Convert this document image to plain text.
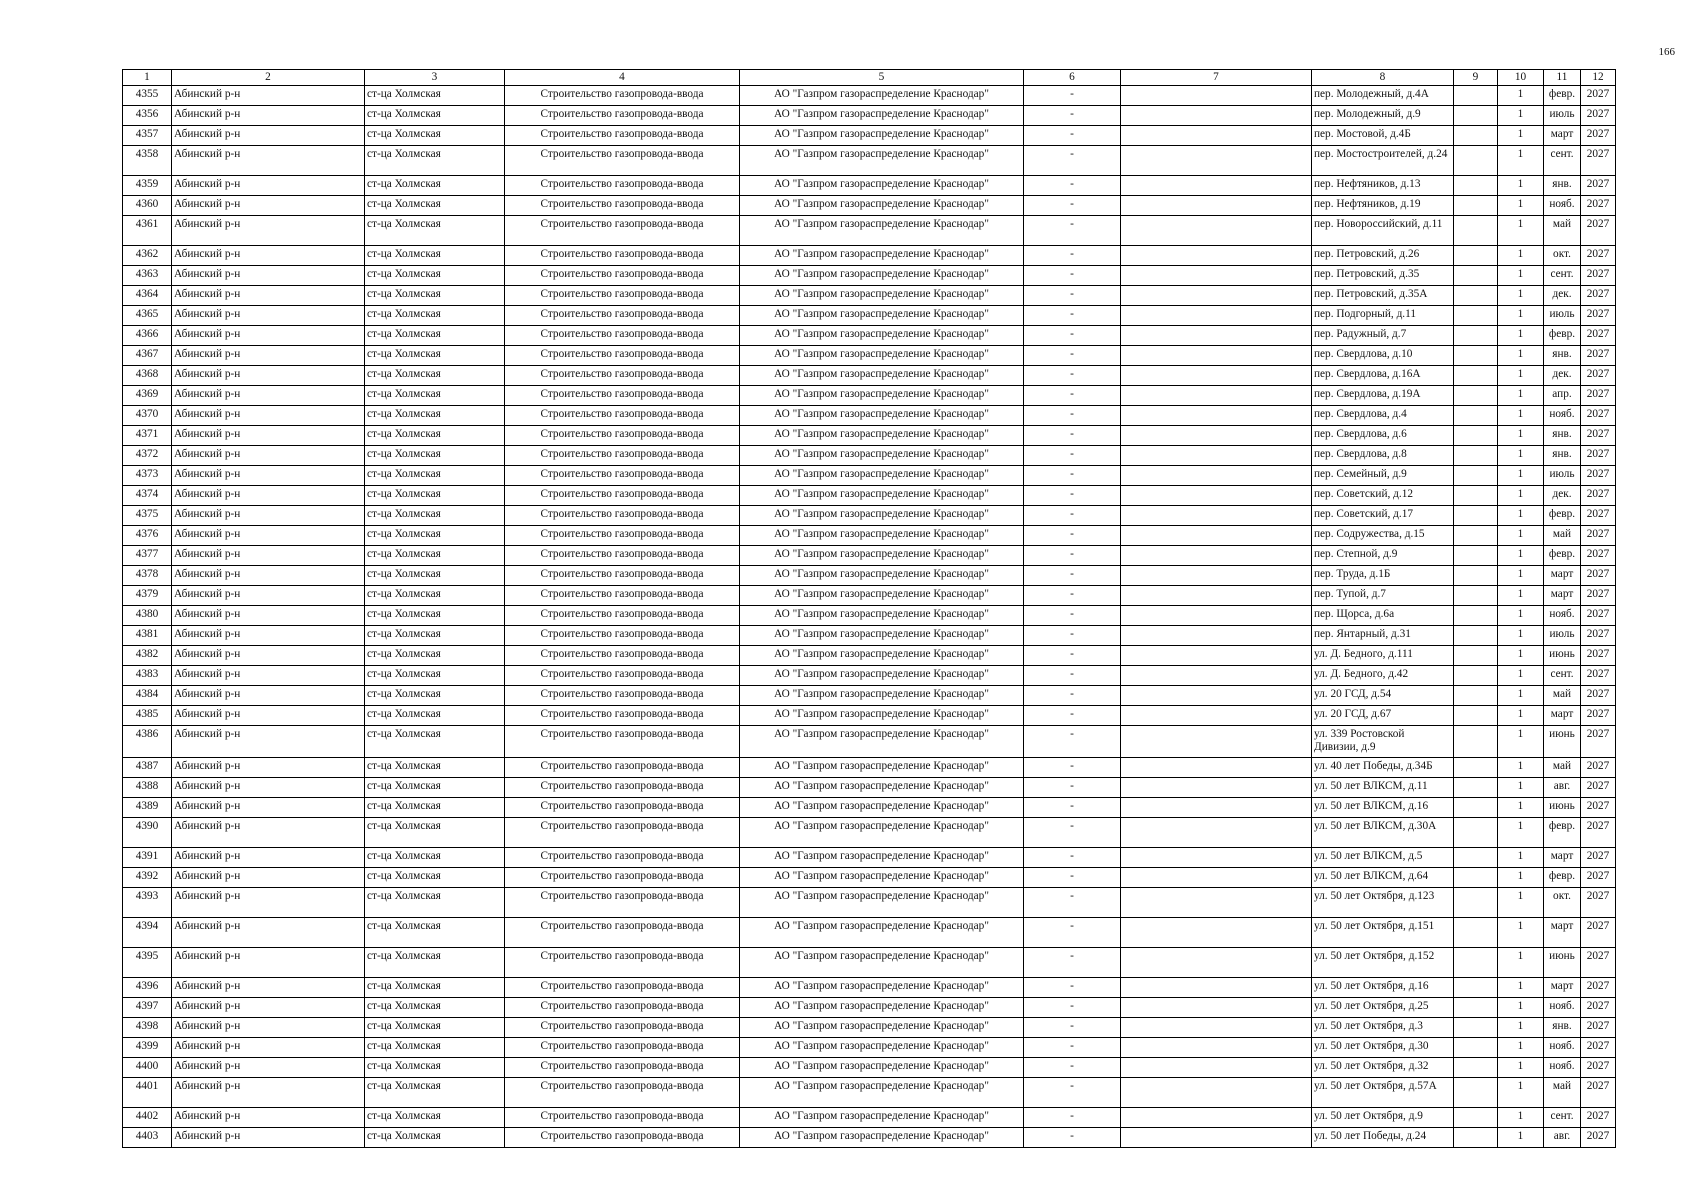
166
1	2	3	4	5	6	7	8	9	10	11	12
4355	Абинский р-н	ст-ца Холмская	Строительство газопровода-ввода	АО "Газпром газораспределение Краснодар"	-		пер. Молодежный, д.4А		1	февр.	2027
4356	Абинский р-н	ст-ца Холмская	Строительство газопровода-ввода	АО "Газпром газораспределение Краснодар"	-		пер. Молодежный, д.9		1	июль	2027
4357	Абинский р-н	ст-ца Холмская	Строительство газопровода-ввода	АО "Газпром газораспределение Краснодар"	-		пер. Мостовой, д.4Б		1	март	2027
4358	Абинский р-н	ст-ца Холмская	Строительство газопровода-ввода	АО "Газпром газораспределение Краснодар"	-		пер. Мостостроителей, д.24		1	сент.	2027
4359	Абинский р-н	ст-ца Холмская	Строительство газопровода-ввода	АО "Газпром газораспределение Краснодар"	-		пер. Нефтяников, д.13		1	янв.	2027
4360	Абинский р-н	ст-ца Холмская	Строительство газопровода-ввода	АО "Газпром газораспределение Краснодар"	-		пер. Нефтяников, д.19		1	нояб.	2027
4361	Абинский р-н	ст-ца Холмская	Строительство газопровода-ввода	АО "Газпром газораспределение Краснодар"	-		пер. Новороссийский, д.11		1	май	2027
4362	Абинский р-н	ст-ца Холмская	Строительство газопровода-ввода	АО "Газпром газораспределение Краснодар"	-		пер. Петровский, д.26		1	окт.	2027
4363	Абинский р-н	ст-ца Холмская	Строительство газопровода-ввода	АО "Газпром газораспределение Краснодар"	-		пер. Петровский, д.35		1	сент.	2027
4364	Абинский р-н	ст-ца Холмская	Строительство газопровода-ввода	АО "Газпром газораспределение Краснодар"	-		пер. Петровский, д.35А		1	дек.	2027
4365	Абинский р-н	ст-ца Холмская	Строительство газопровода-ввода	АО "Газпром газораспределение Краснодар"	-		пер. Подгорный, д.11		1	июль	2027
4366	Абинский р-н	ст-ца Холмская	Строительство газопровода-ввода	АО "Газпром газораспределение Краснодар"	-		пер. Радужный, д.7		1	февр.	2027
4367	Абинский р-н	ст-ца Холмская	Строительство газопровода-ввода	АО "Газпром газораспределение Краснодар"	-		пер. Свердлова, д.10		1	янв.	2027
4368	Абинский р-н	ст-ца Холмская	Строительство газопровода-ввода	АО "Газпром газораспределение Краснодар"	-		пер. Свердлова, д.16А		1	дек.	2027
4369	Абинский р-н	ст-ца Холмская	Строительство газопровода-ввода	АО "Газпром газораспределение Краснодар"	-		пер. Свердлова, д.19А		1	апр.	2027
4370	Абинский р-н	ст-ца Холмская	Строительство газопровода-ввода	АО "Газпром газораспределение Краснодар"	-		пер. Свердлова, д.4		1	нояб.	2027
4371	Абинский р-н	ст-ца Холмская	Строительство газопровода-ввода	АО "Газпром газораспределение Краснодар"	-		пер. Свердлова, д.6		1	янв.	2027
4372	Абинский р-н	ст-ца Холмская	Строительство газопровода-ввода	АО "Газпром газораспределение Краснодар"	-		пер. Свердлова, д.8		1	янв.	2027
4373	Абинский р-н	ст-ца Холмская	Строительство газопровода-ввода	АО "Газпром газораспределение Краснодар"	-		пер. Семейный, д.9		1	июль	2027
4374	Абинский р-н	ст-ца Холмская	Строительство газопровода-ввода	АО "Газпром газораспределение Краснодар"	-		пер. Советский, д.12		1	дек.	2027
4375	Абинский р-н	ст-ца Холмская	Строительство газопровода-ввода	АО "Газпром газораспределение Краснодар"	-		пер. Советский, д.17		1	февр.	2027
4376	Абинский р-н	ст-ца Холмская	Строительство газопровода-ввода	АО "Газпром газораспределение Краснодар"	-		пер. Содружества, д.15		1	май	2027
4377	Абинский р-н	ст-ца Холмская	Строительство газопровода-ввода	АО "Газпром газораспределение Краснодар"	-		пер. Степной, д.9		1	февр.	2027
4378	Абинский р-н	ст-ца Холмская	Строительство газопровода-ввода	АО "Газпром газораспределение Краснодар"	-		пер. Труда, д.1Б		1	март	2027
4379	Абинский р-н	ст-ца Холмская	Строительство газопровода-ввода	АО "Газпром газораспределение Краснодар"	-		пер. Тупой, д.7		1	март	2027
4380	Абинский р-н	ст-ца Холмская	Строительство газопровода-ввода	АО "Газпром газораспределение Краснодар"	-		пер. Щорса, д.6а		1	нояб.	2027
4381	Абинский р-н	ст-ца Холмская	Строительство газопровода-ввода	АО "Газпром газораспределение Краснодар"	-		пер. Янтарный, д.31		1	июль	2027
4382	Абинский р-н	ст-ца Холмская	Строительство газопровода-ввода	АО "Газпром газораспределение Краснодар"	-		ул. Д. Бедного, д.111		1	июнь	2027
4383	Абинский р-н	ст-ца Холмская	Строительство газопровода-ввода	АО "Газпром газораспределение Краснодар"	-		ул. Д. Бедного, д.42		1	сент.	2027
4384	Абинский р-н	ст-ца Холмская	Строительство газопровода-ввода	АО "Газпром газораспределение Краснодар"	-		ул. 20 ГСД, д.54		1	май	2027
4385	Абинский р-н	ст-ца Холмская	Строительство газопровода-ввода	АО "Газпром газораспределение Краснодар"	-		ул. 20 ГСД, д.67		1	март	2027
4386	Абинский р-н	ст-ца Холмская	Строительство газопровода-ввода	АО "Газпром газораспределение Краснодар"	-		ул. 339 Ростовской Дивизии, д.9		1	июнь	2027
4387	Абинский р-н	ст-ца Холмская	Строительство газопровода-ввода	АО "Газпром газораспределение Краснодар"	-		ул. 40 лет Победы, д.34Б		1	май	2027
4388	Абинский р-н	ст-ца Холмская	Строительство газопровода-ввода	АО "Газпром газораспределение Краснодар"	-		ул. 50 лет ВЛКСМ, д.11		1	авг.	2027
4389	Абинский р-н	ст-ца Холмская	Строительство газопровода-ввода	АО "Газпром газораспределение Краснодар"	-		ул. 50 лет ВЛКСМ, д.16		1	июнь	2027
4390	Абинский р-н	ст-ца Холмская	Строительство газопровода-ввода	АО "Газпром газораспределение Краснодар"	-		ул. 50 лет ВЛКСМ, д.30А		1	февр.	2027
4391	Абинский р-н	ст-ца Холмская	Строительство газопровода-ввода	АО "Газпром газораспределение Краснодар"	-		ул. 50 лет ВЛКСМ, д.5		1	март	2027
4392	Абинский р-н	ст-ца Холмская	Строительство газопровода-ввода	АО "Газпром газораспределение Краснодар"	-		ул. 50 лет ВЛКСМ, д.64		1	февр.	2027
4393	Абинский р-н	ст-ца Холмская	Строительство газопровода-ввода	АО "Газпром газораспределение Краснодар"	-		ул. 50 лет Октября, д.123		1	окт.	2027
4394	Абинский р-н	ст-ца Холмская	Строительство газопровода-ввода	АО "Газпром газораспределение Краснодар"	-		ул. 50 лет Октября, д.151		1	март	2027
4395	Абинский р-н	ст-ца Холмская	Строительство газопровода-ввода	АО "Газпром газораспределение Краснодар"	-		ул. 50 лет Октября, д.152		1	июнь	2027
4396	Абинский р-н	ст-ца Холмская	Строительство газопровода-ввода	АО "Газпром газораспределение Краснодар"	-		ул. 50 лет Октября, д.16		1	март	2027
4397	Абинский р-н	ст-ца Холмская	Строительство газопровода-ввода	АО "Газпром газораспределение Краснодар"	-		ул. 50 лет Октября, д.25		1	нояб.	2027
4398	Абинский р-н	ст-ца Холмская	Строительство газопровода-ввода	АО "Газпром газораспределение Краснодар"	-		ул. 50 лет Октября, д.3		1	янв.	2027
4399	Абинский р-н	ст-ца Холмская	Строительство газопровода-ввода	АО "Газпром газораспределение Краснодар"	-		ул. 50 лет Октября, д.30		1	нояб.	2027
4400	Абинский р-н	ст-ца Холмская	Строительство газопровода-ввода	АО "Газпром газораспределение Краснодар"	-		ул. 50 лет Октября, д.32		1	нояб.	2027
4401	Абинский р-н	ст-ца Холмская	Строительство газопровода-ввода	АО "Газпром газораспределение Краснодар"	-		ул. 50 лет Октября, д.57А		1	май	2027
4402	Абинский р-н	ст-ца Холмская	Строительство газопровода-ввода	АО "Газпром газораспределение Краснодар"	-		ул. 50 лет Октября, д.9		1	сент.	2027
4403	Абинский р-н	ст-ца Холмская	Строительство газопровода-ввода	АО "Газпром газораспределение Краснодар"	-		ул. 50 лет Победы, д.24		1	авг.	2027
